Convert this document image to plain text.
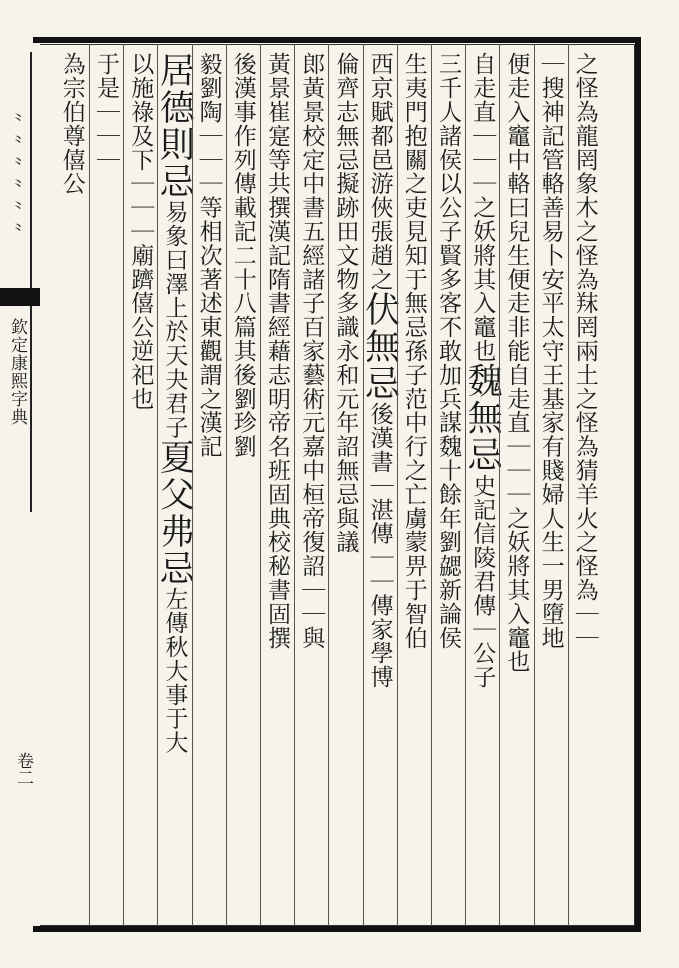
⺀⺀⺀⺀⺀⺀
欽定康熙字典
卷二
之怪為龍罔象木之怪為䍪罔兩土之怪為猜羊火之怪為｜｜
｜搜神記管輅善易卜安平太守王基家有賤婦人生一男墮地
便走入竈中輅曰兒生便走非能自走直｜｜｜之妖將其入竈也
自走直｜｜｜之妖將其入竈也魏無忌史記信陵君傳｜公子
三千人諸侯以公子賢多客不敢加兵謀魏十餘年劉勰新論侯
生夷門抱關之吏見知于無忌孫子范中行之亡虜蒙畀于智伯
西京賦都邑游俠張趙之伏無忌後漢書｜湛傳｜｜傳家學博
倫齊志無忌擬跡田文物多識永和元年詔無忌與議
郎黃景校定中書五經諸子百家藝術元嘉中桓帝復詔｜｜與
黃景崔寔等共撰漢記隋書經藉志明帝名班固典校秘書固撰
後漢事作列傳載記二十八篇其後劉珍劉
毅劉陶｜｜｜等相次著述東觀謂之漢記
居德則忌易象曰澤上於天夬君子夏父弗忌左傳秋大事于大
以施祿及下｜｜｜廟躋僖公逆祀也
于是｜｜｜
為宗伯尊僖公
